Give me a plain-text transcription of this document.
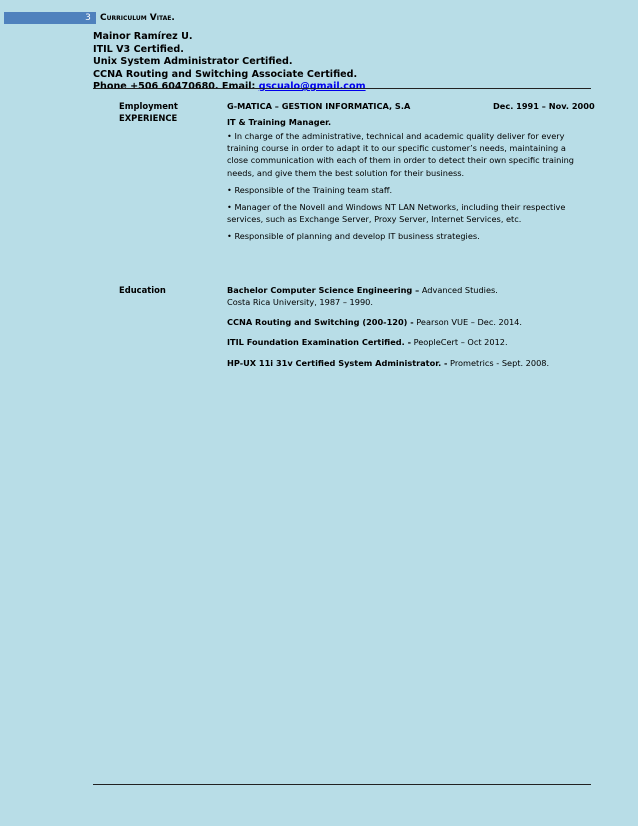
3	Curriculum Vitae.
Mainor Ramírez U.
ITIL V3 Certified.
Unix System Administrator Certified.
CCNA Routing and Switching Associate Certified.
Phone +506 60470680. Email: gscualo@gmail.com
Employment
EXPERIENCE
G-MATICA – GESTION INFORMATICA, S.A	Dec. 1991 – Nov. 2000
IT & Training Manager.

• In charge of the administrative, technical and academic quality deliver for every training course in order to adapt it to our specific customer’s needs, maintaining a close communication with each of them in order to detect their own specific training needs, and give them the best solution for their business.

• Responsible of the Training team staff.

• Manager of the Novell and Windows NT LAN Networks, including their respective services, such as Exchange Server, Proxy Server, Internet Services, etc.

• Responsible of planning and develop IT business strategies.

Education	Bachelor Computer Science Engineering – Advanced Studies.
Costa Rica University, 1987 – 1990.
CCNA Routing and Switching (200-120) - Pearson VUE – Dec. 2014.
ITIL Foundation Examination Certified. - PeopleCert – Oct 2012.
HP-UX 11i 31v Certified System Administrator. - Prometrics - Sept. 2008.
